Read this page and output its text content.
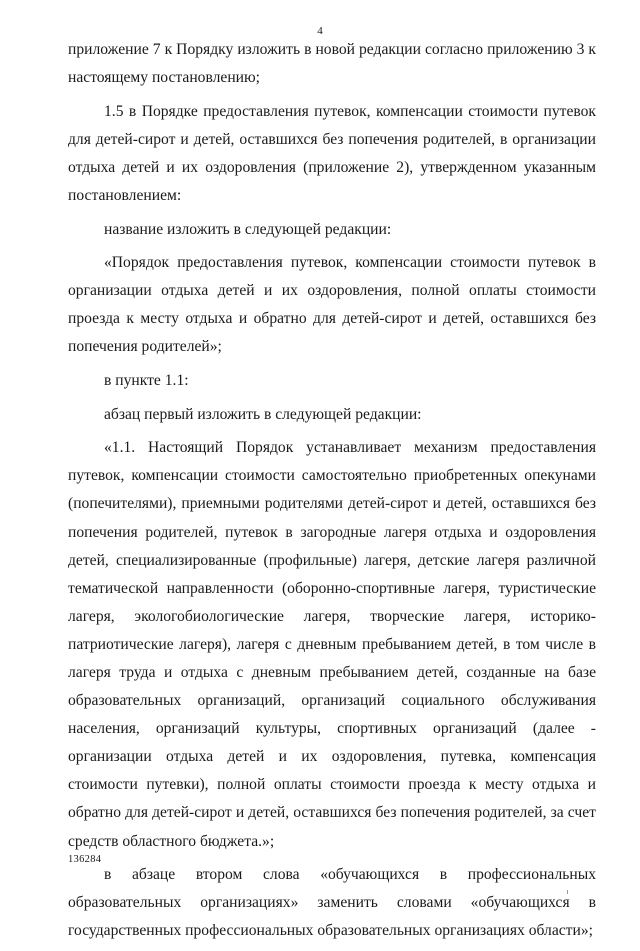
4

приложение 7 к Порядку изложить в новой редакции согласно приложению 3 к настоящему постановлению;

1.5 в Порядке предоставления путевок, компенсации стоимости путевок для детей-сирот и детей, оставшихся без попечения родителей, в организации отдыха детей и их оздоровления (приложение 2), утвержденном указанным постановлением:

название изложить в следующей редакции:

«Порядок предоставления путевок, компенсации стоимости путевок в организации отдыха детей и их оздоровления, полной оплаты стоимости проезда к месту отдыха и обратно для детей-сирот и детей, оставшихся без попечения родителей»;

в пункте 1.1:

абзац первый изложить в следующей редакции:

«1.1. Настоящий Порядок устанавливает механизм предоставления путевок, компенсации стоимости самостоятельно приобретенных опекунами (попечителями), приемными родителями детей-сирот и детей, оставшихся без попечения родителей, путевок в загородные лагеря отдыха и оздоровления детей, специализированные (профильные) лагеря, детские лагеря различной тематической направленности (оборонно-спортивные лагеря, туристические лагеря, экологобиологические лагеря, творческие лагеря, историко-патриотические лагеря), лагеря с дневным пребыванием детей, в том числе в лагеря труда и отдыха с дневным пребыванием детей, созданные на базе образовательных организаций, организаций социального обслуживания населения, организаций культуры, спортивных организаций (далее - организации отдыха детей и их оздоровления, путевка, компенсация стоимости путевки), полной оплаты стоимости проезда к месту отдыха и обратно для детей-сирот и детей, оставшихся без попечения родителей, за счет средств областного бюджета.»;

в абзаце втором слова «обучающихся в профессиональных образовательных организациях» заменить словами «обучающихся в государственных профессиональных образовательных организациях области»;

136284
